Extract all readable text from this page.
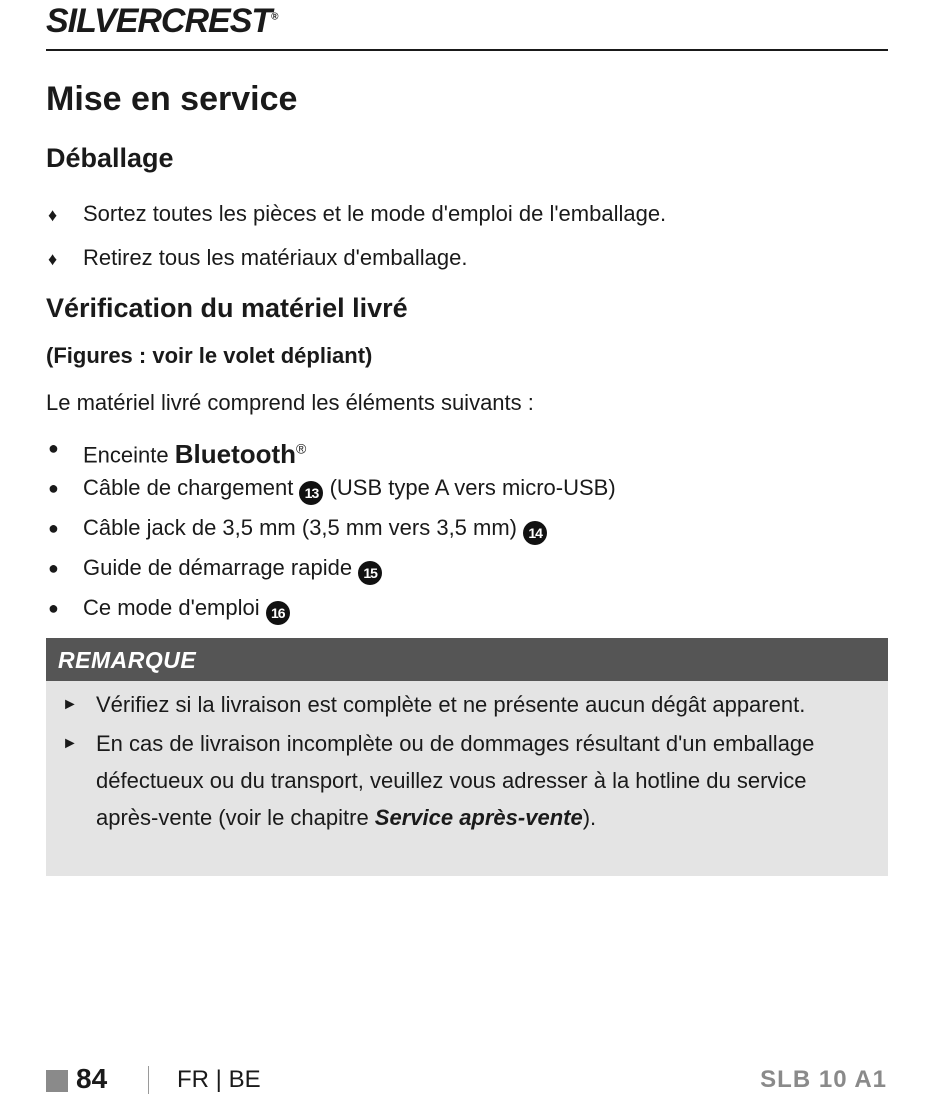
SILVERCREST®
Mise en service
Déballage
♦ Sortez toutes les pièces et le mode d'emploi de l'emballage.
♦ Retirez tous les matériaux d'emballage.
Vérification du matériel livré
(Figures : voir le volet dépliant)

Le matériel livré comprend les éléments suivants :

● Enceinte Bluetooth®
● Câble de chargement 13 (USB type A vers micro-USB)
● Câble jack de 3,5 mm (3,5 mm vers 3,5 mm) 14
● Guide de démarrage rapide 15
● Ce mode d'emploi 16
REMARQUE
► Vérifiez si la livraison est complète et ne présente aucun dégât apparent.
► En cas de livraison incomplète ou de dommages résultant d'un emballage défectueux ou du transport, veuillez vous adresser à la hotline du service après-vente (voir le chapitre Service après-vente).
84	FR | BE	SLB 10 A1
